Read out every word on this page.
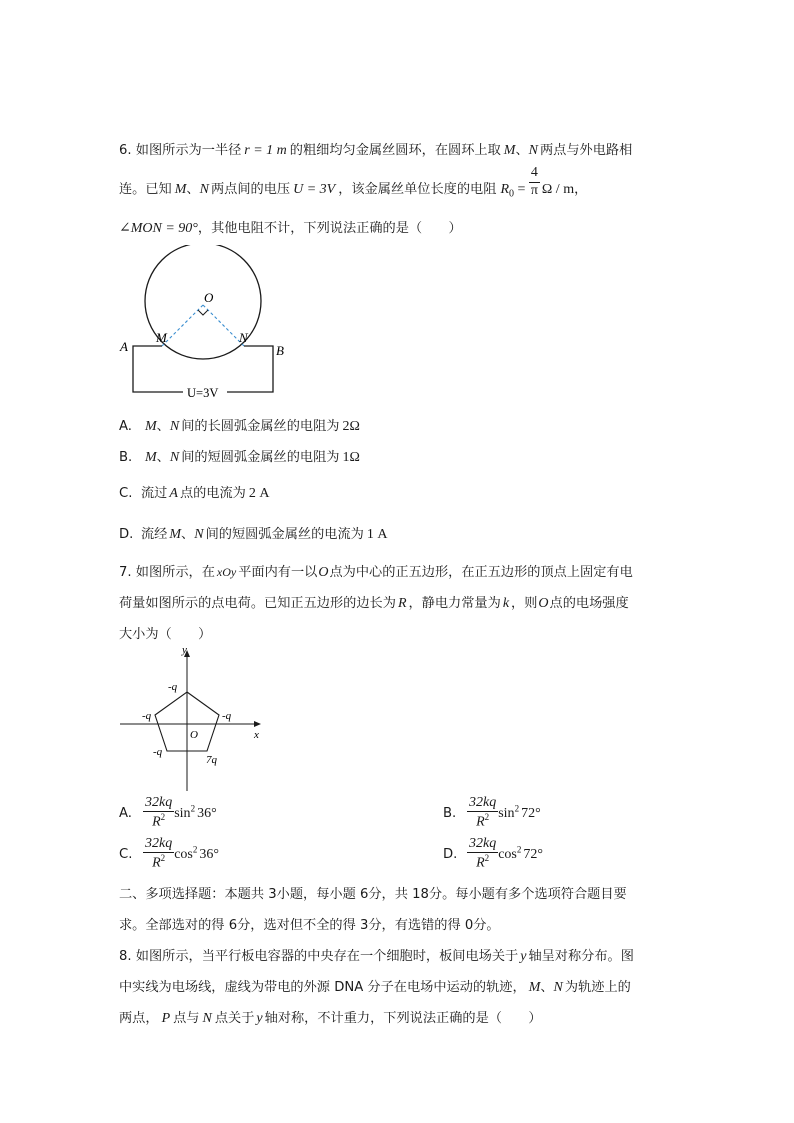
6. 如图所示为一半径 r = 1 m 的粗细均匀金属丝圆环，在圆环上取 M、N 两点与外电路相
连。已知 M、N 两点间的电压 U = 3V ，该金属丝单位长度的电阻 $R_0 = \frac{4}{\pi}$ Ω / m，
∠MON = 90°，其他电阻不计，下列说法正确的是（　　）
O
M	N
A	B
U=3V
A. M、N 间的长圆弧金属丝的电阻为 2Ω
B. M、N 间的短圆弧金属丝的电阻为 1Ω
C. 流过 A 点的电流为 2 A
D. 流经 M、N 间的短圆弧金属丝的电流为 1 A
7. 如图所示，在 xOy 平面内有一以O点为中心的正五边形，在正五边形的顶点上固定有电
荷量如图所示的点电荷。已知正五边形的边长为 R ，静电力常量为 k ，则O点的电场强度
大小为（　　）
y
x
O
-q
-q	-q
-q
7q
A. $\frac{32kq}{R^2} \sin^2 36^\circ$	B. $\frac{32kq}{R^2} \sin^2 72^\circ$
C. $\frac{32kq}{R^2} \cos^2 36^\circ$	D. $\frac{32kq}{R^2} \cos^2 72^\circ$
二、多项选择题：本题共 3小题，每小题 6分，共 18分。每小题有多个选项符合题目要
求。全部选对的得 6分，选对但不全的得 3分，有选错的得 0分。
8. 如图所示，当平行板电容器的中央存在一个细胞时，板间电场关于 y 轴呈对称分布。图
中实线为电场线，虚线为带电的外源 DNA 分子在电场中运动的轨迹， M、N 为轨迹上的
两点， P 点与 N 点关于 y 轴对称，不计重力，下列说法正确的是（　　）
